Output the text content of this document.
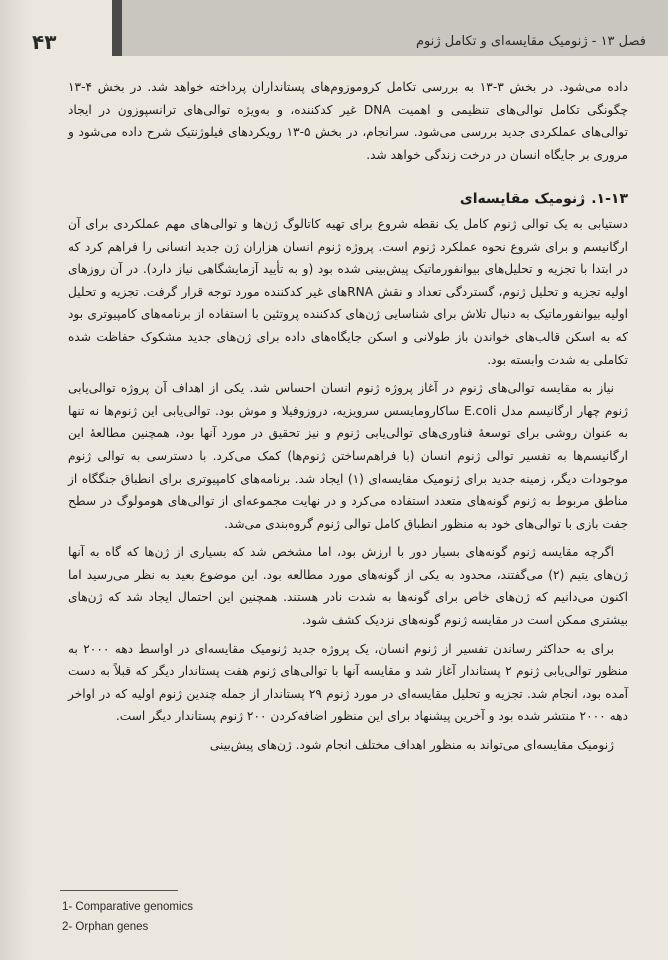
۴۳	فصل ۱۳ - ژنومیک مقایسه‌ای و تکامل ژنوم

داده می‌شود. در بخش ۳-۱۳ به بررسی تکامل کروموزوم‌های پستانداران پرداخته خواهد شد. در بخش ۴-۱۳ چگونگی تکامل توالی‌های تنظیمی و اهمیت DNA غیر کدکننده، و به‌ویژه توالی‌های ترانسپوزون در ایجاد توالی‌های عملکردی جدید بررسی می‌شود. سرانجام، در بخش ۵-۱۳ رویکردهای فیلوژنتیک شرح داده می‌شود و مروری بر جایگاه انسان در درخت زندگی خواهد شد.

۱-۱۳.ژنومیک مقایسه‌ای

دستیابی به یک توالی ژنوم کامل یک نقطه شروع برای تهیه کاتالوگ ژن‌ها و توالی‌های مهم عملکردی برای آن ارگانیسم و برای شروع نحوه عملکرد ژنوم است. پروژه ژنوم انسان هزاران ژن جدید انسانی را فراهم کرد که در ابتدا با تجزیه و تحلیل‌های بیوانفورماتیک پیش‌بینی شده بود (و به تأیید آزمایشگاهی نیاز دارد). در آن روزهای اولیه تجزیه و تحلیل ژنوم، گستردگی تعداد و نقش RNAهای غیر کدکننده مورد توجه قرار گرفت. تجزیه و تحلیل اولیه بیوانفورماتیک به دنبال تلاش برای شناسایی ژن‌های کدکننده پروتئین با استفاده از برنامه‌های کامپیوتری بود که به اسکن قالب‌های خواندن باز طولانی و اسکن جایگاه‌های داده برای ژن‌های جدید مشکوک حفاظت شده تکاملی به شدت وابسته بود.

نیاز به مقایسه توالی‌های ژنوم در آغاز پروژه ژنوم انسان احساس شد. یکی از اهداف آن پروژه توالی‌یابی ژنوم چهار ارگانیسم مدل E.coli ساکارومایسس سرویزیه، دروزوفیلا و موش بود. توالی‌یابی این ژنوم‌ها نه تنها به عنوان روشی برای توسعهٔ فناوری‌های توالی‌یابی ژنوم و نیز تحقیق در مورد آنها بود، همچنین مطالعهٔ این ارگانیسم‌ها به تفسیر توالی ژنوم انسان (با فراهم‌ساختن ژنوم‌ها) کمک می‌کرد. با دسترسی به توالی ژنوم موجودات دیگر، زمینه جدید برای ژنومیک مقایسه‌ای (۱) ایجاد شد. برنامه‌های کامپیوتری برای انطباق جنگگاه از مناطق مربوط به ژنوم گونه‌های متعدد استفاده می‌کرد و در نهایت مجموعه‌ای از توالی‌های هومولوگ در سطح جفت بازی با توالی‌های خود به منظور انطباق کامل توالی ژنوم گروه‌بندی می‌شد.

اگرچه مقایسه ژنوم گونه‌های بسیار دور با ارزش بود، اما مشخص شد که بسیاری از ژن‌ها که گاه به آنها ژن‌های یتیم (۲) می‌گفتند، محدود به یکی از گونه‌های مورد مطالعه بود. این موضوع بعید به نظر می‌رسید اما اکنون می‌دانیم که ژن‌های خاص برای گونه‌ها به شدت نادر هستند. همچنین این احتمال ایجاد شد که ژن‌های بیشتری ممکن است در مقایسه ژنوم گونه‌های نزدیک کشف شود.

برای به حداکثر رساندن تفسیر از ژنوم انسان، یک پروژه جدید ژنومیک مقایسه‌ای در اواسط دهه ۲۰۰۰ به منظور توالی‌یابی ژنوم ۲ پستاندار آغاز شد و مقایسه آنها با توالی‌های ژنوم هفت پستاندار دیگر که قبلاً به دست آمده بود، انجام شد. تجزیه و تحلیل مقایسه‌ای در مورد ژنوم ۲۹ پستاندار از جمله چندین ژنوم اولیه که در اواخر دهه ۲۰۰۰ منتشر شده بود و آخرین پیشنهاد برای این منظور اضافه‌کردن ۲۰۰ ژنوم پستاندار دیگر است.

ژنومیک مقایسه‌ای می‌تواند به منظور اهداف مختلف انجام شود. ژن‌های پیش‌بینی

1- Comparative genomics
2- Orphan genes
